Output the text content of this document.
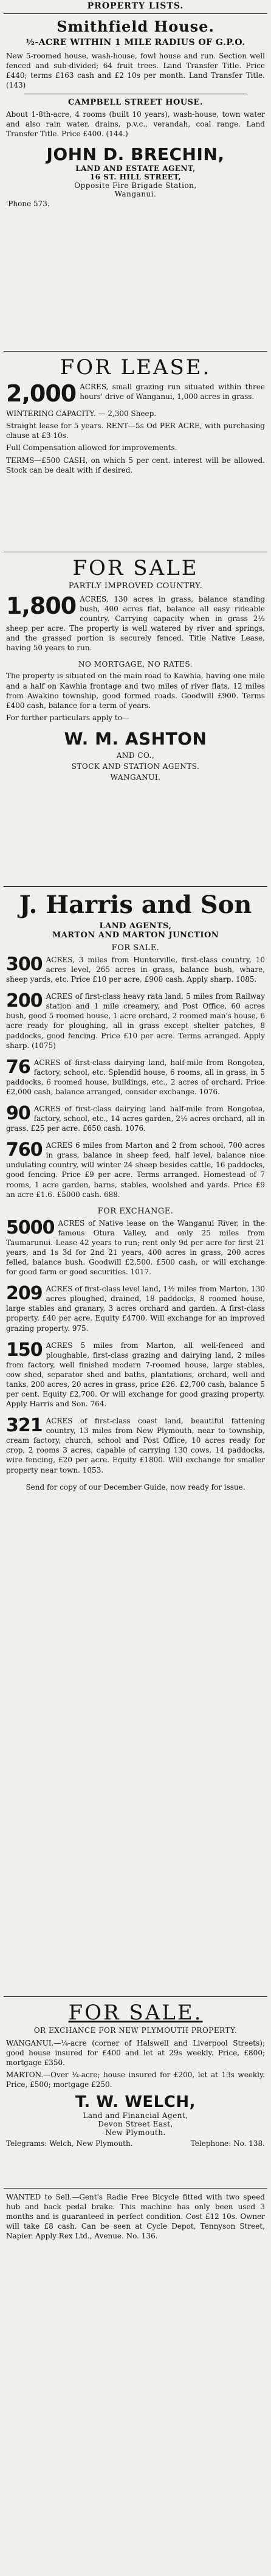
PROPERTY LISTS.
Smithfield House.
½-ACRE WITHIN 1 MILE RADIUS OF G.P.O.

New 5-roomed house, wash-house, fowl house and run. Section well fenced and sub-divided; 64 fruit trees. Land Transfer Title. Price £440; terms £163 cash and £2 10s per month. Land Transfer Title. (143)

CAMPBELL STREET HOUSE.

About 1-8th-acre, 4 rooms (built 10 years), wash-house, town water and also rain water, drains, p.v.c., verandah, coal range. Land Transfer Title. Price £400. (144.)

JOHN D. BRECHIN,
LAND AND ESTATE AGENT,
16 ST. HILL STREET,
Opposite Fire Brigade Station,
Wanganui.
'Phone 573.
FOR LEASE.
2,000 ACRES, small grazing run situated within three hours' drive of Wanganui, 1,000 acres in grass.

WINTERING CAPACITY. — 2,300 Sheep.

Straight lease for 5 years. RENT—5s Od PER ACRE, with purchasing clause at £3 10s.

Full Compensation allowed for improvements.

TERMS—£500 CASH, on which 5 per cent. interest will be allowed. Stock can be dealt with if desired.

FOR SALE
PARTLY IMPROVED COUNTRY.
1,800 ACRES, 130 acres in grass, balance standing bush, 400 acres flat, balance all easy rideable country. Carrying capacity when in grass 2½ sheep per acre. The property is well watered by river and springs, and the grassed portion is securely fenced. Title Native Lease, having 50 years to run.

NO MORTGAGE, NO RATES.

The property is situated on the main road to Kawhia, having one mile and a half on Kawhia frontage and two miles of river flats, 12 miles from Awakino township, good formed roads. Goodwill £900. Terms £400 cash, balance for a term of years.

For further particulars apply to—

W. M. ASHTON
AND CO.,
STOCK AND STATION AGENTS.
WANGANUI.
J. Harris and Son
LAND AGENTS,
MARTON AND MARTON JUNCTION
FOR SALE.
300 ACRES, 3 miles from Hunterville, first-class country, 10 acres level, 265 acres in grass, balance bush, whare, sheep yards, etc. Price £10 per acre, £900 cash. Apply sharp. 1085.

200 ACRES of first-class heavy rata land, 5 miles from Railway station and 1 mile creamery, and Post Office, 60 acres bush, good 5 roomed house, 1 acre orchard, 2 roomed man's house, 6 acre ready for ploughing, all in grass except shelter patches, 8 paddocks, good fencing. Price £10 per acre. Terms arranged. Apply sharp. (1075)

76 ACRES of first-class dairying land, half-mile from Rongotea, factory, school, etc. Splendid house, 6 rooms, all in grass, in 5 paddocks, 6 roomed house, buildings, etc., 2 acres of orchard. Price £2,000 cash, balance arranged, consider exchange. 1076.

90 ACRES of first-class dairying land half-mile from Rongotea, factory, school, etc., 14 acres garden, 2½ acres orchard, all in grass. £25 per acre. £650 cash. 1076.

760 ACRES 6 miles from Marton and 2 from school, 700 acres in grass, balance in sheep feed, half level, balance nice undulating country, will winter 24 sheep besides cattle, 16 paddocks, good fencing. Price £9 per acre. Terms arranged. Homestead of 7 rooms, 1 acre garden, barns, stables, woolshed and yards. Price £9 an acre £1.6. £5000 cash. 688.

FOR EXCHANGE.
5000 ACRES of Native lease on the Wanganui River, in the famous Otura Valley, and only 25 miles from Taumarunui. Lease 42 years to run; rent only 9d per acre for first 21 years, and 1s 3d for 2nd 21 years, 400 acres in grass, 200 acres felled, balance bush. Goodwill £2,500. £500 cash, or will exchange for good farm or good securities. 1017.

209 ACRES of first-class level land, 1½ miles from Marton, 130 acres ploughed, drained, 18 paddocks, 8 roomed house, large stables and granary, 3 acres orchard and garden. A first-class property. £40 per acre. Equity £4700. Will exchange for an improved grazing property. 975.

150 ACRES 5 miles from Marton, all well-fenced and ploughable, first-class grazing and dairying land, 2 miles from factory, well finished modern 7-roomed house, large stables, cow shed, separator shed and baths, plantations, orchard, well and tanks, 200 acres, 20 acres in grass, price £26. £2,700 cash, balance 5 per cent. Equity £2,700. Or will exchange for good grazing property. Apply Harris and Son. 764.

321 ACRES of first-class coast land, beautiful fattening country, 13 miles from New Plymouth, near to township, cream factory, church, school and Post Office, 10 acres ready for crop, 2 rooms 3 acres, capable of carrying 130 cows, 14 paddocks, wire fencing, £20 per acre. Equity £1800. Will exchange for smaller property near town. 1053.

Send for copy of our December Guide, now ready for issue.

FOR SALE.
OR EXCHANCE FOR NEW PLYMOUTH PROPERTY.

WANGANUI.—¼-acre (corner of Halswell and Liverpool Streets); good house insured for £400 and let at 29s weekly. Price, £800; mortgage £350.

MARTON.—Over ¼-acre; house insured for £200, let at 13s weekly. Price, £500; mortgage £250.

T. W. WELCH,
Land and Financial Agent,
Devon Street East,
New Plymouth.
Telegrams: Welch, New Plymouth.	Telephone: No. 138.

WANTED to Sell.—Gent's Radie Free Bicycle fitted with two speed hub and back pedal brake. This machine has only been used 3 months and is guaranteed in perfect condition. Cost £12 10s. Owner will take £8 cash. Can be seen at Cycle Depot, Tennyson Street, Napier. Apply Rex Ltd., Avenue. No. 136.
